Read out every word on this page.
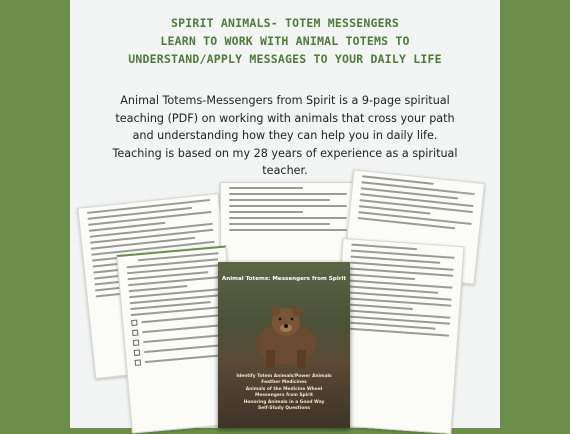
SPIRIT ANIMALS- TOTEM MESSENGERS
LEARN TO WORK WITH ANIMAL TOTEMS TO
UNDERSTAND/APPLY MESSAGES TO YOUR DAILY LIFE
Animal Totems-Messengers from Spirit is a 9-page spiritual teaching (PDF) on working with animals that cross your path and understanding how they can help you in daily life. Teaching is based on my 28 years of experience as a spiritual teacher.
Animal Totems: Messengers from Spirit
Identify Totem Animals/Power Animals
Feather Medicines
Animals of the Medicine Wheel
Messengers from Spirit
Honoring Animals in a Good Way
Self-Study Questions
